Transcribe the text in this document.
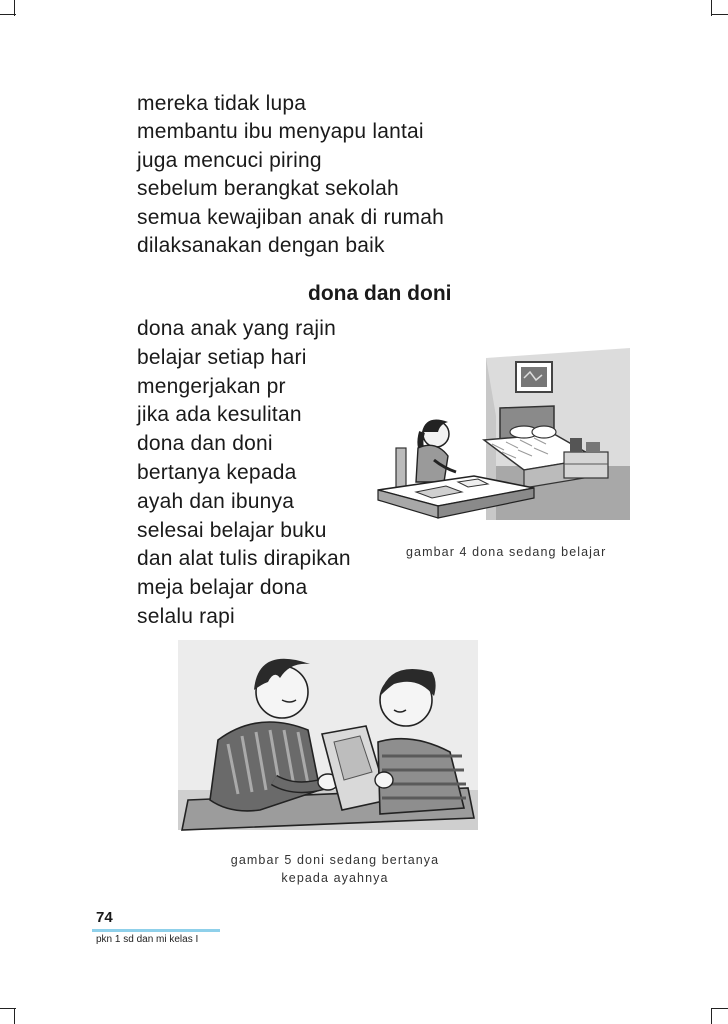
mereka tidak lupa
membantu ibu menyapu lantai
juga mencuci piring
sebelum berangkat sekolah
semua kewajiban anak di rumah
dilaksanakan dengan baik
dona dan doni
dona anak yang rajin
belajar setiap hari
mengerjakan pr
jika ada kesulitan
dona dan doni
bertanya kepada
ayah dan ibunya
selesai belajar buku
dan alat tulis dirapikan
meja belajar dona
selalu rapi
gambar 4 dona sedang belajar
gambar 5 doni sedang bertanya
kepada ayahnya
74
pkn 1 sd dan mi kelas I
